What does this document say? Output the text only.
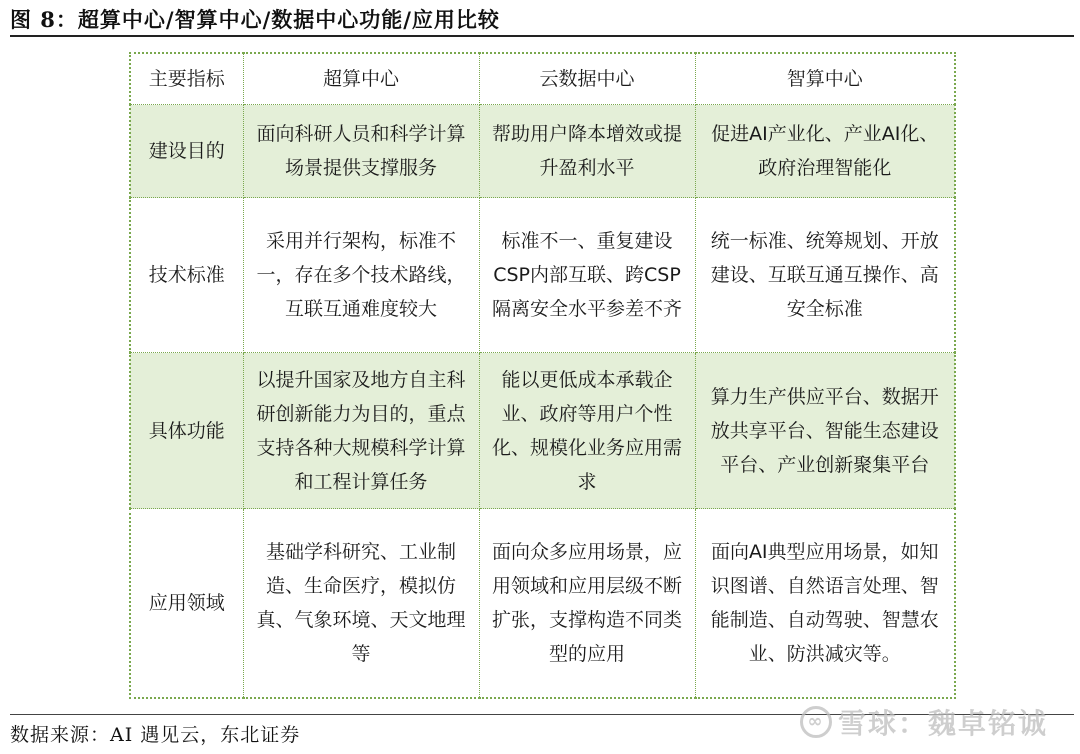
图 8：超算中心/智算中心/数据中心功能/应用比较
主要指标	超算中心	云数据中心	智算中心
建设目的	面向科研人员和科学计算场景提供支撑服务	帮助用户降本增效或提升盈利水平	促进AI产业化、产业AI化、政府治理智能化
技术标准	采用并行架构，标准不一，存在多个技术路线，互联互通难度较大	标准不一、重复建设CSP内部互联、跨CSP隔离安全水平参差不齐	统一标准、统筹规划、开放建设、互联互通互操作、高安全标准
具体功能	以提升国家及地方自主科研创新能力为目的，重点支持各种大规模科学计算和工程计算任务	能以更低成本承载企业、政府等用户个性化、规模化业务应用需求	算力生产供应平台、数据开放共享平台、智能生态建设平台、产业创新聚集平台
应用领域	基础学科研究、工业制造、生命医疗，模拟仿真、气象环境、天文地理等	面向众多应用场景，应用领域和应用层级不断扩张，支撑构造不同类型的应用	面向AI典型应用场景，如知识图谱、自然语言处理、智能制造、自动驾驶、智慧农业、防洪减灾等。
数据来源：AI 遇见云，东北证券
∞ 雪球：魏卓铭诚
